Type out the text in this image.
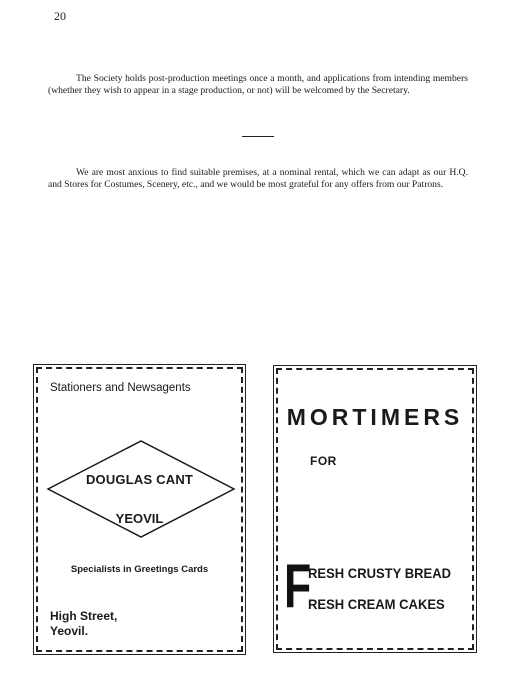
20

The Society holds post-production meetings once a month, and applications from intending members (whether they wish to appear in a stage production, or not) will be welcomed by the Secretary.

We are most anxious to find suitable premises, at a nominal rental, which we can adapt as our H.Q. and Stores for Costumes, Scenery, etc., and we would be most grateful for any offers from our Patrons.

Stationers and Newsagents
DOUGLAS CANT
YEOVIL
Specialists in Greetings Cards
High Street,
Yeovil.
MORTIMERS
FOR
F
RESH CRUSTY BREAD
RESH CREAM CAKES
